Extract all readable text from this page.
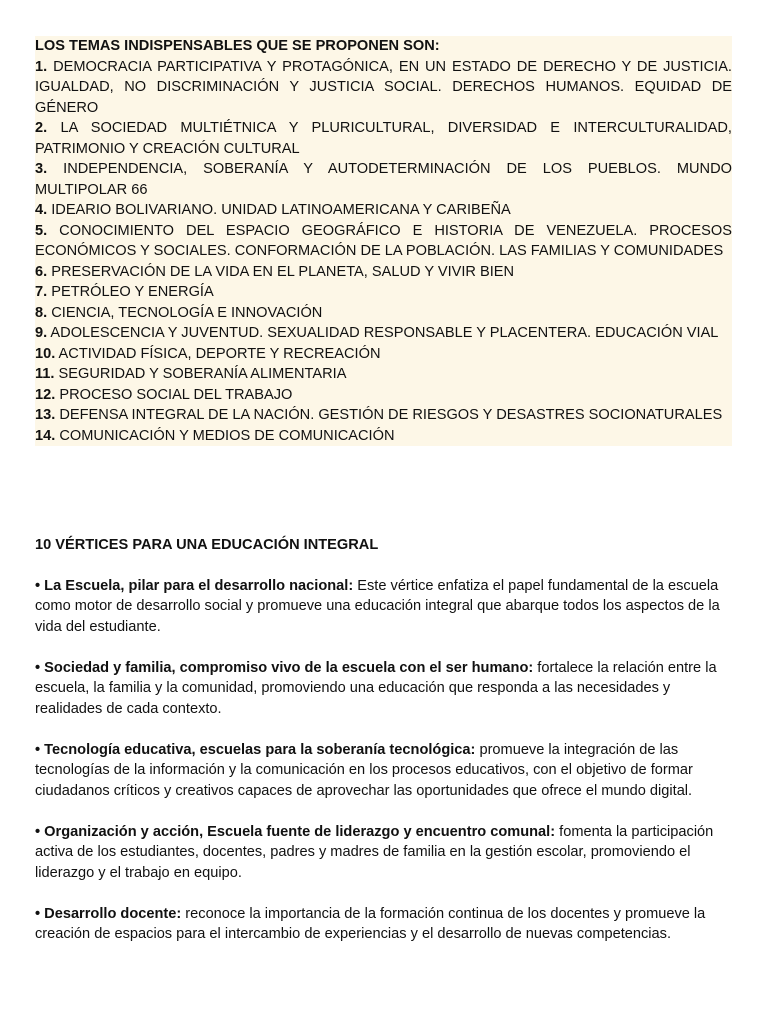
LOS TEMAS INDISPENSABLES QUE SE PROPONEN SON:

1. DEMOCRACIA PARTICIPATIVA Y PROTAGÓNICA, EN UN ESTADO DE DERECHO Y DE JUSTICIA. IGUALDAD, NO DISCRIMINACIÓN Y JUSTICIA SOCIAL. DERECHOS HUMANOS. EQUIDAD DE GÉNERO

2. LA SOCIEDAD MULTIÉTNICA Y PLURICULTURAL, DIVERSIDAD E INTERCULTURALIDAD, PATRIMONIO Y CREACIÓN CULTURAL

3. INDEPENDENCIA, SOBERANÍA Y AUTODETERMINACIÓN DE LOS PUEBLOS. MUNDO MULTIPOLAR 66

4. IDEARIO BOLIVARIANO. UNIDAD LATINOAMERICANA Y CARIBEÑA

5. CONOCIMIENTO DEL ESPACIO GEOGRÁFICO E HISTORIA DE VENEZUELA. PROCESOS ECONÓMICOS Y SOCIALES. CONFORMACIÓN DE LA POBLACIÓN. LAS FAMILIAS Y COMUNIDADES

6. PRESERVACIÓN DE LA VIDA EN EL PLANETA, SALUD Y VIVIR BIEN

7. PETRÓLEO Y ENERGÍA

8. CIENCIA, TECNOLOGÍA E INNOVACIÓN

9. ADOLESCENCIA Y JUVENTUD. SEXUALIDAD RESPONSABLE Y PLACENTERA. EDUCACIÓN VIAL

10. ACTIVIDAD FÍSICA, DEPORTE Y RECREACIÓN

11. SEGURIDAD Y SOBERANÍA ALIMENTARIA

12. PROCESO SOCIAL DEL TRABAJO

13. DEFENSA INTEGRAL DE LA NACIÓN. GESTIÓN DE RIESGOS Y DESASTRES SOCIONATURALES

14. COMUNICACIÓN Y MEDIOS DE COMUNICACIÓN

10 VÉRTICES PARA UNA EDUCACIÓN INTEGRAL

• La Escuela, pilar para el desarrollo nacional: Este vértice enfatiza el papel fundamental de la escuela como motor de desarrollo social y promueve una educación integral que abarque todos los aspectos de la vida del estudiante.

• Sociedad y familia, compromiso vivo de la escuela con el ser humano: fortalece la relación entre la escuela, la familia y la comunidad, promoviendo una educación que responda a las necesidades y realidades de cada contexto.

• Tecnología educativa, escuelas para la soberanía tecnológica: promueve la integración de las tecnologías de la información y la comunicación en los procesos educativos, con el objetivo de formar ciudadanos críticos y creativos capaces de aprovechar las oportunidades que ofrece el mundo digital.

• Organización y acción, Escuela fuente de liderazgo y encuentro comunal: fomenta la participación activa de los estudiantes, docentes, padres y madres de familia en la gestión escolar, promoviendo el liderazgo y el trabajo en equipo.

• Desarrollo docente: reconoce la importancia de la formación continua de los docentes y promueve la creación de espacios para el intercambio de experiencias y el desarrollo de nuevas competencias.
